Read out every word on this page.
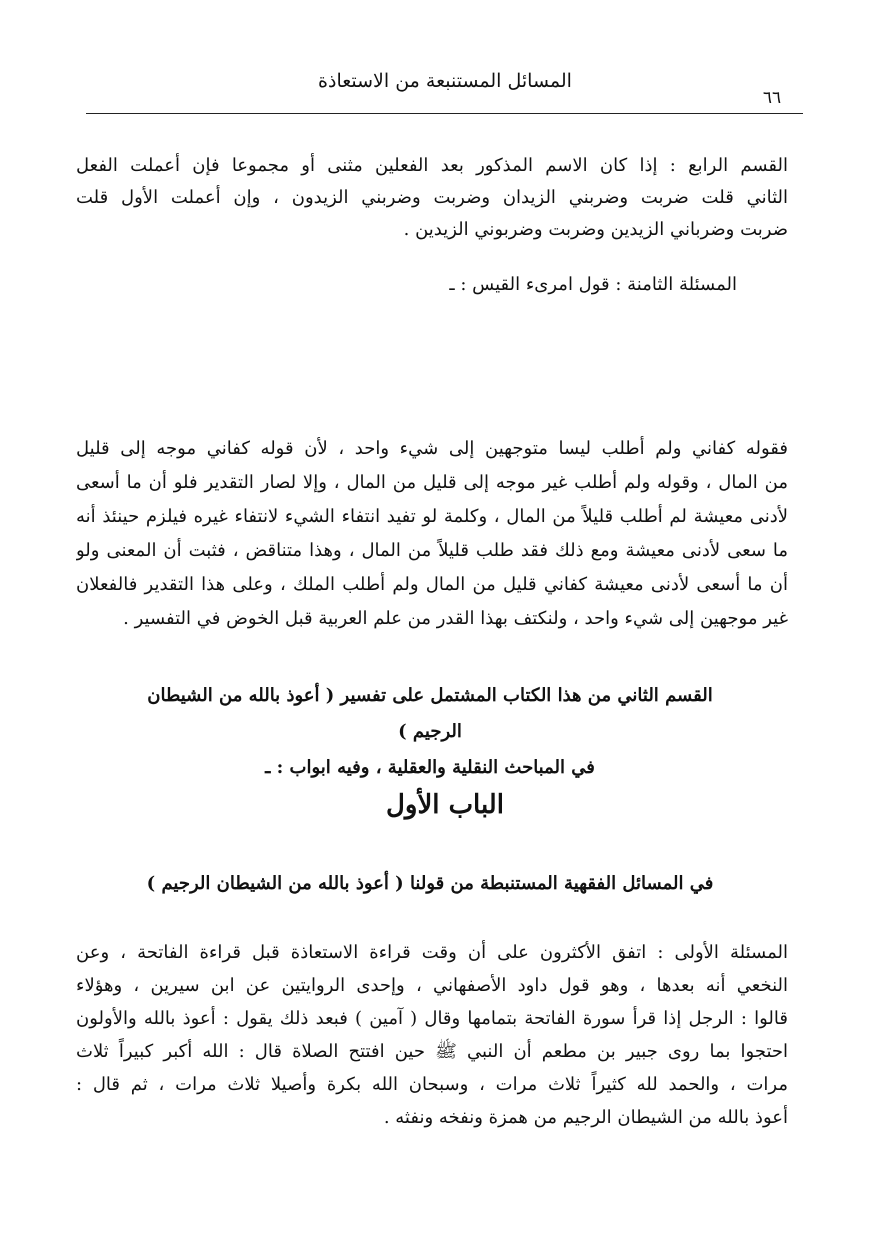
المسائل المستنبعة من الاستعاذة
٦٦
القسم الرابع : إذا كان الاسم المذكور بعد الفعلين مثنى أو مجموعا فإن أعملت الفعل
الثاني قلت ضربت وضربني الزيدان وضربت وضربني الزيدون ، وإن أعملت الأول قلت
ضربت وضرباني الزيدين وضربت وضربوني الزيدين .
المسئلة الثامنة : قول امرىء القيس : ـ
فقوله كفاني ولم أطلب ليسا متوجهين إلى شيء واحد ، لأن قوله كفاني موجه إلى قليل
من المال ، وقوله ولم أطلب غير موجه إلى قليل من المال ، وإلا لصار التقدير فلو أن ما أسعى
لأدنى معيشة لم أطلب قليلاً من المال ، وكلمة لو تفيد انتفاء الشيء لانتفاء غيره فيلزم حينئذ أنه
ما سعى لأدنى معيشة ومع ذلك فقد طلب قليلاً من المال ، وهذا متناقض ، فثبت أن المعنى ولو
أن ما أسعى لأدنى معيشة كفاني قليل من المال ولم أطلب الملك ، وعلى هذا التقدير فالفعلان
غير موجهين إلى شيء واحد ، ولنكتف بهذا القدر من علم العربية قبل الخوض في التفسير .
القسم الثاني من هذا الكتاب المشتمل على تفسير ( أعوذ بالله من الشيطان الرجيم )
في المباحث النقلية والعقلية ، وفيه ابواب : ـ
الباب الأول
في المسائل الفقهية المستنبطة من قولنا ( أعوذ بالله من الشيطان الرجيم )
المسئلة الأولى : اتفق الأكثرون على أن وقت قراءة الاستعاذة قبل قراءة الفاتحة ، وعن
النخعي أنه بعدها ، وهو قول داود الأصفهاني ، وإحدى الروايتين عن ابن سيرين ، وهؤلاء
قالوا : الرجل إذا قرأ سورة الفاتحة بتمامها وقال ( آمين ) فبعد ذلك يقول : أعوذ بالله والأولون
احتجوا بما روى جبير بن مطعم أن النبي ﷺ حين افتتح الصلاة قال : الله أكبر كبيراً ثلاث
مرات ، والحمد لله كثيراً ثلاث مرات ، وسبحان الله بكرة وأصيلا ثلاث مرات ، ثم قال :
أعوذ بالله من الشيطان الرجيم من همزة ونفخه ونفثه .
